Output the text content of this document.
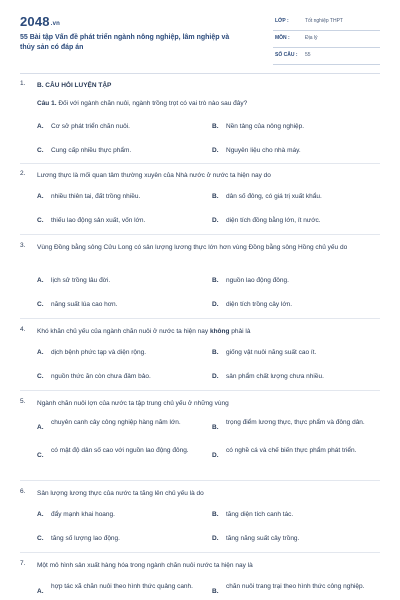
2048.vn
55 Bài tập Vấn đề phát triển ngành nông nghiệp, lâm nghiệp và thủy sản có đáp án
LỚP :	Tốt nghiệp THPT
MÔN :	Địa lý
SỐ CÂU : 55
1. B. CÂU HỎI LUYỆN TẬP
Câu 1. Đối với ngành chăn nuôi, ngành trồng trọt có vai trò nào sau đây?
A. Cơ sở phát triển chăn nuôi.	B. Nền tảng của nông nghiệp.
C. Cung cấp nhiều thực phẩm.	D. Nguyên liệu cho nhà máy.
2. Lương thực là mối quan tâm thường xuyên của Nhà nước ở nước ta hiện nay do
A. nhiều thiên tai, đất trồng nhiều.	B. dân số đông, có giá trị xuất khẩu.
C. thiếu lao động sản xuất, vốn lớn.	D. diện tích đồng bằng lớn, ít nước.
3. Vùng Đồng bằng sông Cửu Long có sản lượng lương thực lớn hơn vùng Đồng bằng sông Hồng chủ yếu do
A. lịch sử trồng lâu đời.	B. nguồn lao động đông.
C. năng suất lúa cao hơn.	D. diện tích trồng cây lớn.
4. Khó khăn chủ yếu của ngành chăn nuôi ở nước ta hiện nay không phải là
A. dịch bệnh phức tạp và diện rộng.	B. giống vật nuôi năng suất cao ít.
C. nguồn thức ăn còn chưa đảm bảo.	D. sản phẩm chất lượng chưa nhiều.
5. Ngành chăn nuôi lợn của nước ta tập trung chủ yếu ở những vùng
A.
chuyên canh cây công nghiệp hàng năm lớn.
B.
trọng điểm lương thực, thực phẩm và đông dân.
C.
có mật độ dân số cao với nguồn lao động đông.
D.
có nghề cá và chế biến thực phẩm phát triển.
6. Sản lượng lương thực của nước ta tăng lên chủ yếu là do
A. đẩy mạnh khai hoang.	B. tăng diện tích canh tác.
C. tăng số lượng lao động.	D. tăng năng suất cây trồng.
7. Một mô hình sản xuất hàng hóa trong ngành chăn nuôi nước ta hiện nay là
A.
hợp tác xã chăn nuôi theo hình thức quảng canh.
B.
chăn nuôi trang trại theo hình thức công nghiệp.
